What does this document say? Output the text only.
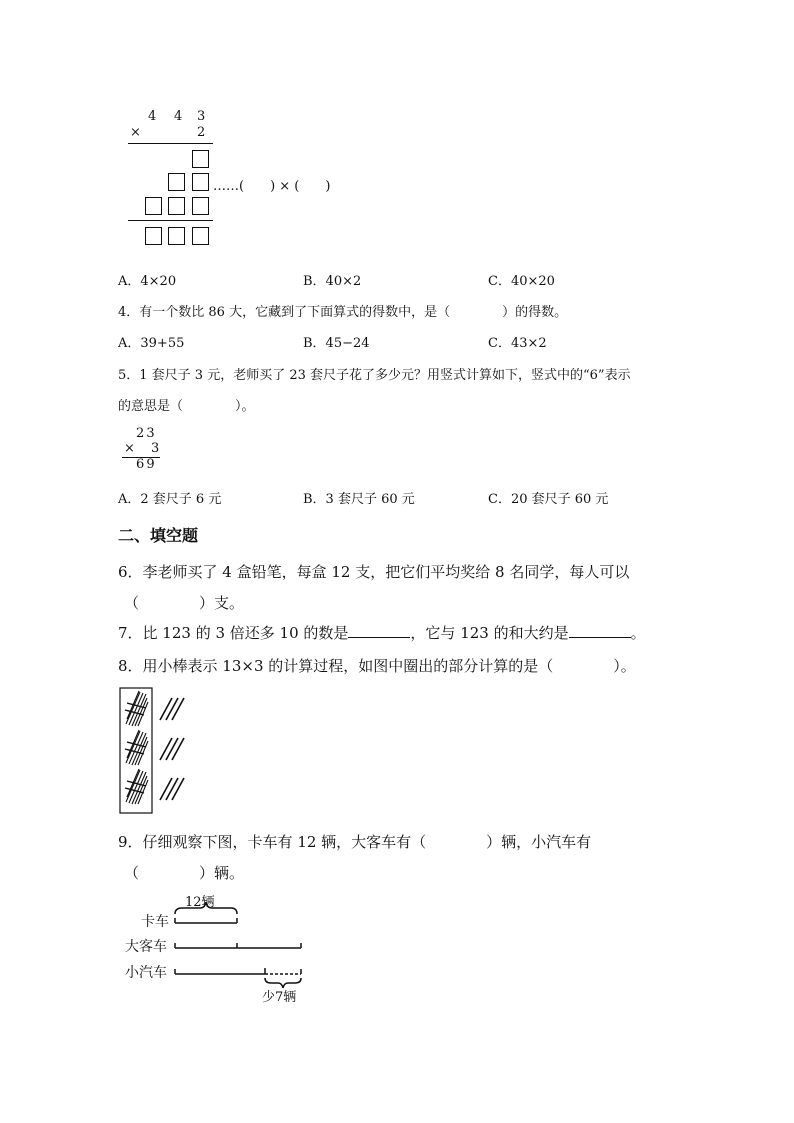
4 4 3
×	2
……(　　) × (　　)
A．4×20	B．40×2	C．40×20
4．有一个数比 86 大，它藏到了下面算式的得数中，是（　　　　）的得数。
A．39+55	B．45−24	C．43×2
5．1 套尺子 3 元，老师买了 23 套尺子花了多少元？用竖式计算如下，竖式中的“6”表示
的意思是（　　　　）。
2 3
× 3
6 9
A．2 套尺子 6 元	B．3 套尺子 60 元	C．20 套尺子 60 元
二、填空题
6．李老师买了 4 盒铅笔，每盒 12 支，把它们平均奖给 8 名同学，每人可以
（　　　　）支。
7．比 123 的 3 倍还多 10 的数是	，它与 123 的和大约是	。
8．用小棒表示 13×3 的计算过程，如图中圈出的部分计算的是（　　　　）。
9．仔细观察下图，卡车有 12 辆，大客车有（　　　　）辆，小汽车有
（　　　　）辆。
12辆
卡车
大客车
小汽车
少7辆
